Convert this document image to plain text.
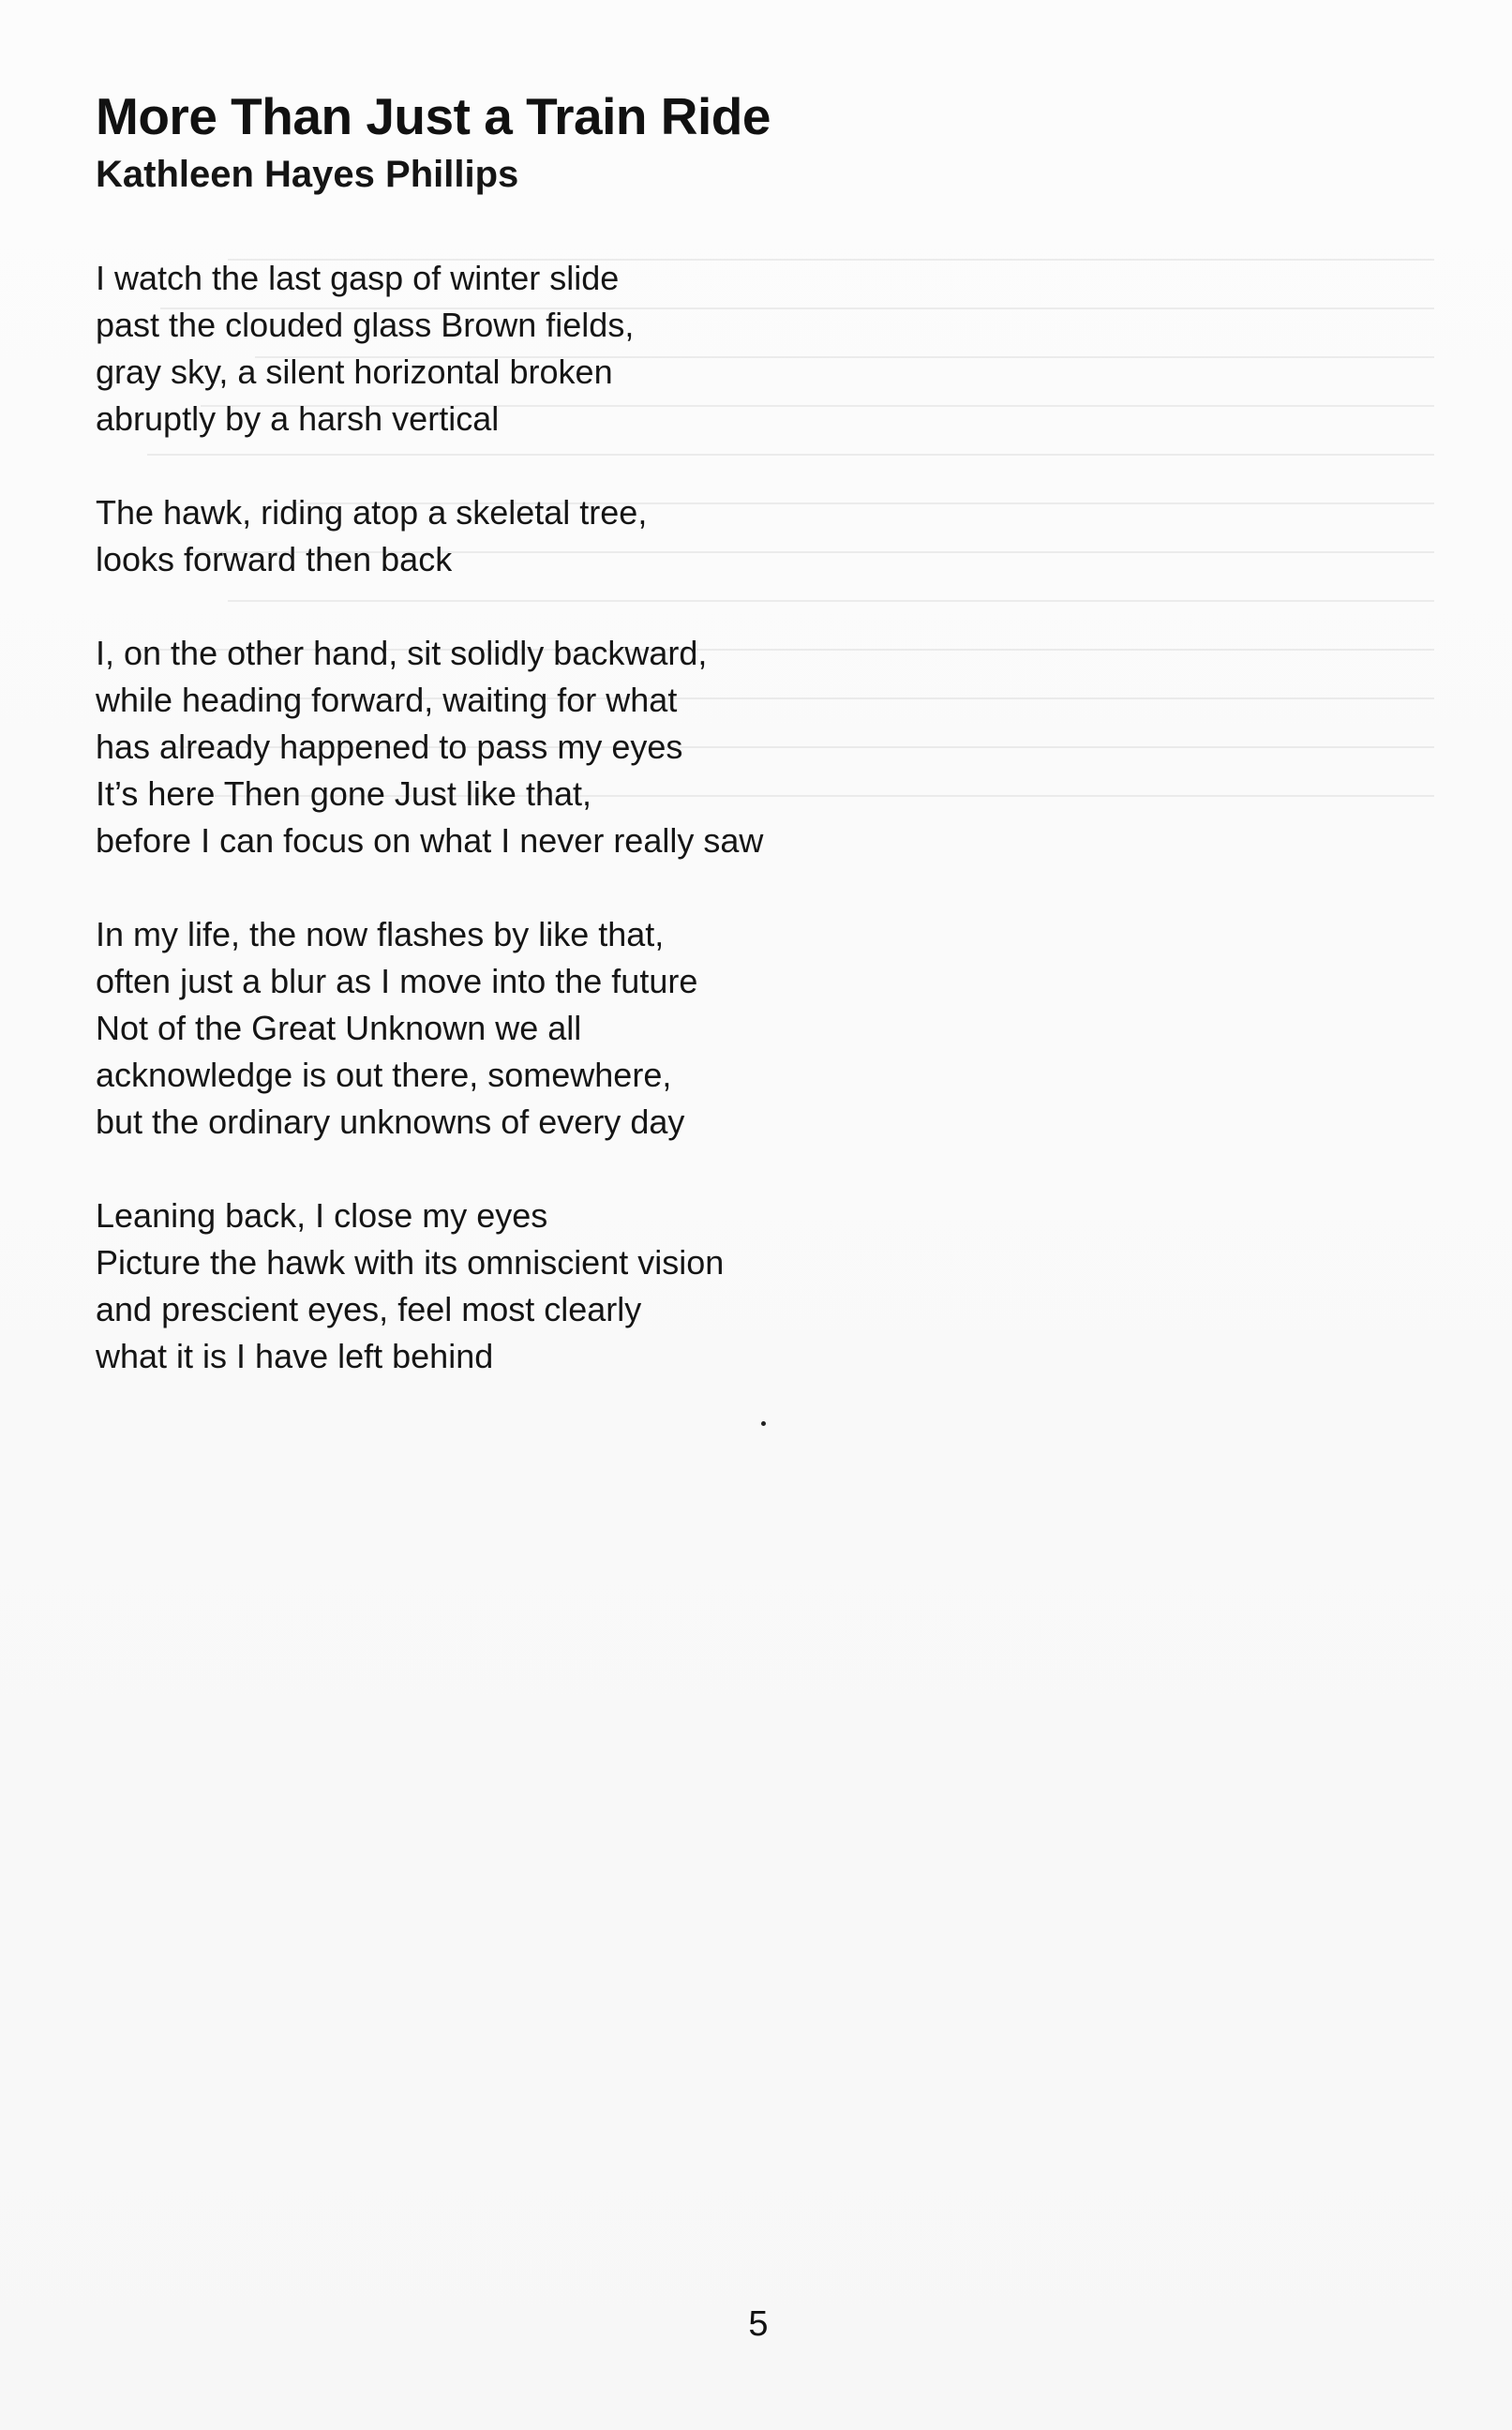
More Than Just a Train Ride
Kathleen Hayes Phillips
I watch the last gasp of winter slide
past the clouded glass Brown fields,
gray sky, a silent horizontal broken
abruptly by a harsh vertical
The hawk, riding atop a skeletal tree,
looks forward then back
I, on the other hand, sit solidly backward,
while heading forward, waiting for what
has already happened to pass my eyes
It’s here Then gone Just like that,
before I can focus on what I never really saw
In my life, the now flashes by like that,
often just a blur as I move into the future
Not of the Great Unknown we all
acknowledge is out there, somewhere,
but the ordinary unknowns of every day
Leaning back, I close my eyes
Picture the hawk with its omniscient vision
and prescient eyes, feel most clearly
what it is I have left behind
5
